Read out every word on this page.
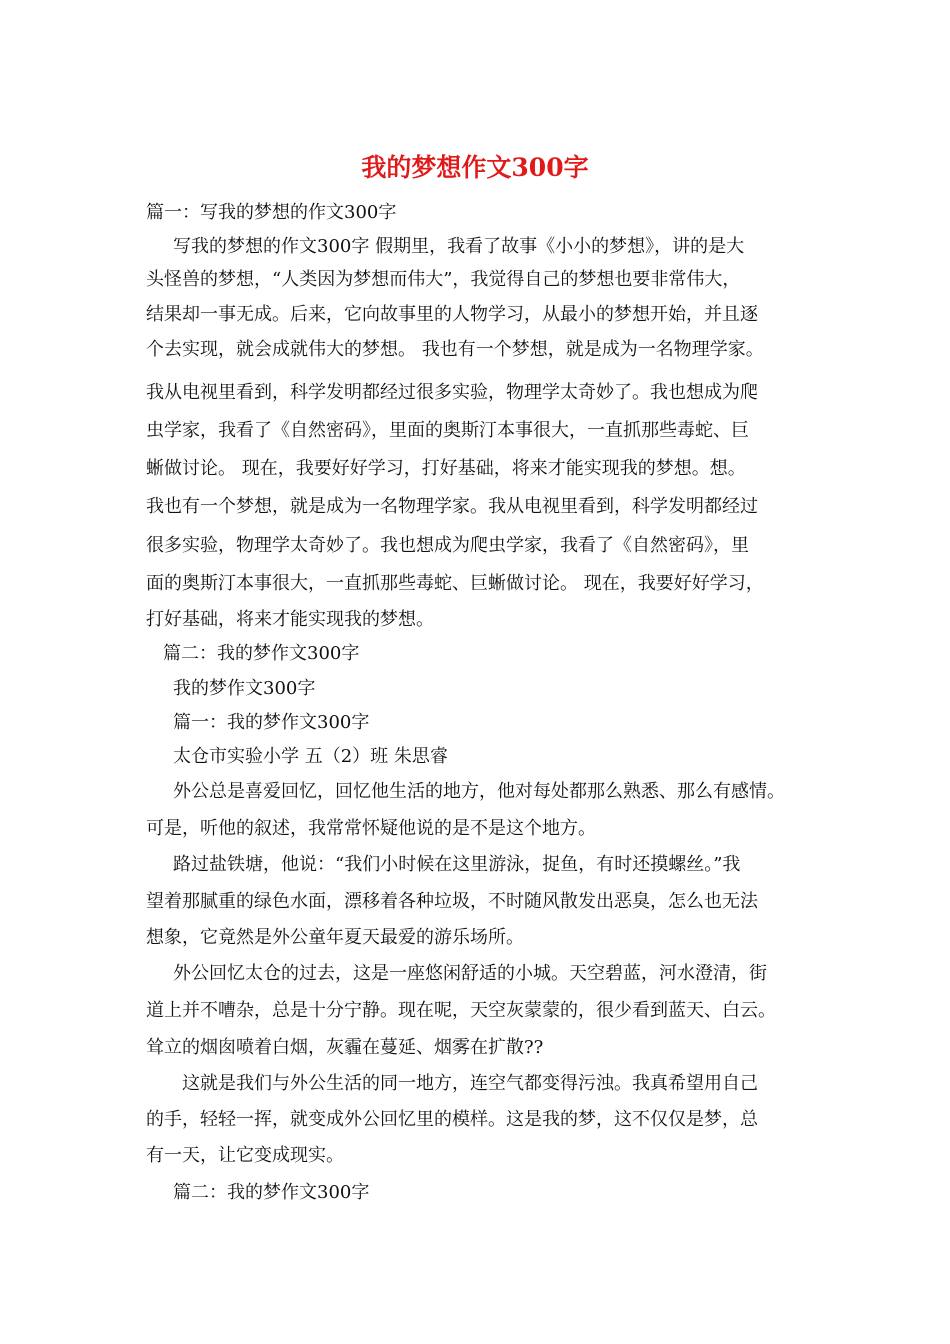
我的梦想作文300字

篇一：写我的梦想的作文300字

写我的梦想的作文300字 假期里，我看了故事《小小的梦想》，讲的是大

头怪兽的梦想，“人类因为梦想而伟大”，我觉得自己的梦想也要非常伟大，

结果却一事无成。后来，它向故事里的人物学习，从最小的梦想开始，并且逐

个去实现，就会成就伟大的梦想。 我也有一个梦想，就是成为一名物理学家。

我从电视里看到，科学发明都经过很多实验，物理学太奇妙了。我也想成为爬

虫学家，我看了《自然密码》，里面的奥斯汀本事很大，一直抓那些毒蛇、巨

蜥做讨论。 现在，我要好好学习，打好基础，将来才能实现我的梦想。想。

我也有一个梦想，就是成为一名物理学家。我从电视里看到，科学发明都经过

很多实验，物理学太奇妙了。我也想成为爬虫学家，我看了《自然密码》，里

面的奥斯汀本事很大，一直抓那些毒蛇、巨蜥做讨论。 现在，我要好好学习，

打好基础，将来才能实现我的梦想。

篇二：我的梦作文300字

我的梦作文300字

篇一：我的梦作文300字

太仓市实验小学 五（2）班 朱思睿

外公总是喜爱回忆，回忆他生活的地方，他对每处都那么熟悉、那么有感情。

可是，听他的叙述，我常常怀疑他说的是不是这个地方。

路过盐铁塘，他说：“我们小时候在这里游泳，捉鱼，有时还摸螺丝。”我

望着那腻重的绿色水面，漂移着各种垃圾，不时随风散发出恶臭，怎么也无法

想象，它竟然是外公童年夏天最爱的游乐场所。

外公回忆太仓的过去，这是一座悠闲舒适的小城。天空碧蓝，河水澄清，街

道上并不嘈杂，总是十分宁静。现在呢，天空灰蒙蒙的，很少看到蓝天、白云。

耸立的烟囱喷着白烟，灰霾在蔓延、烟雾在扩散??

这就是我们与外公生活的同一地方，连空气都变得污浊。我真希望用自己

的手，轻轻一挥，就变成外公回忆里的模样。这是我的梦，这不仅仅是梦，总

有一天，让它变成现实。

篇二：我的梦作文300字
